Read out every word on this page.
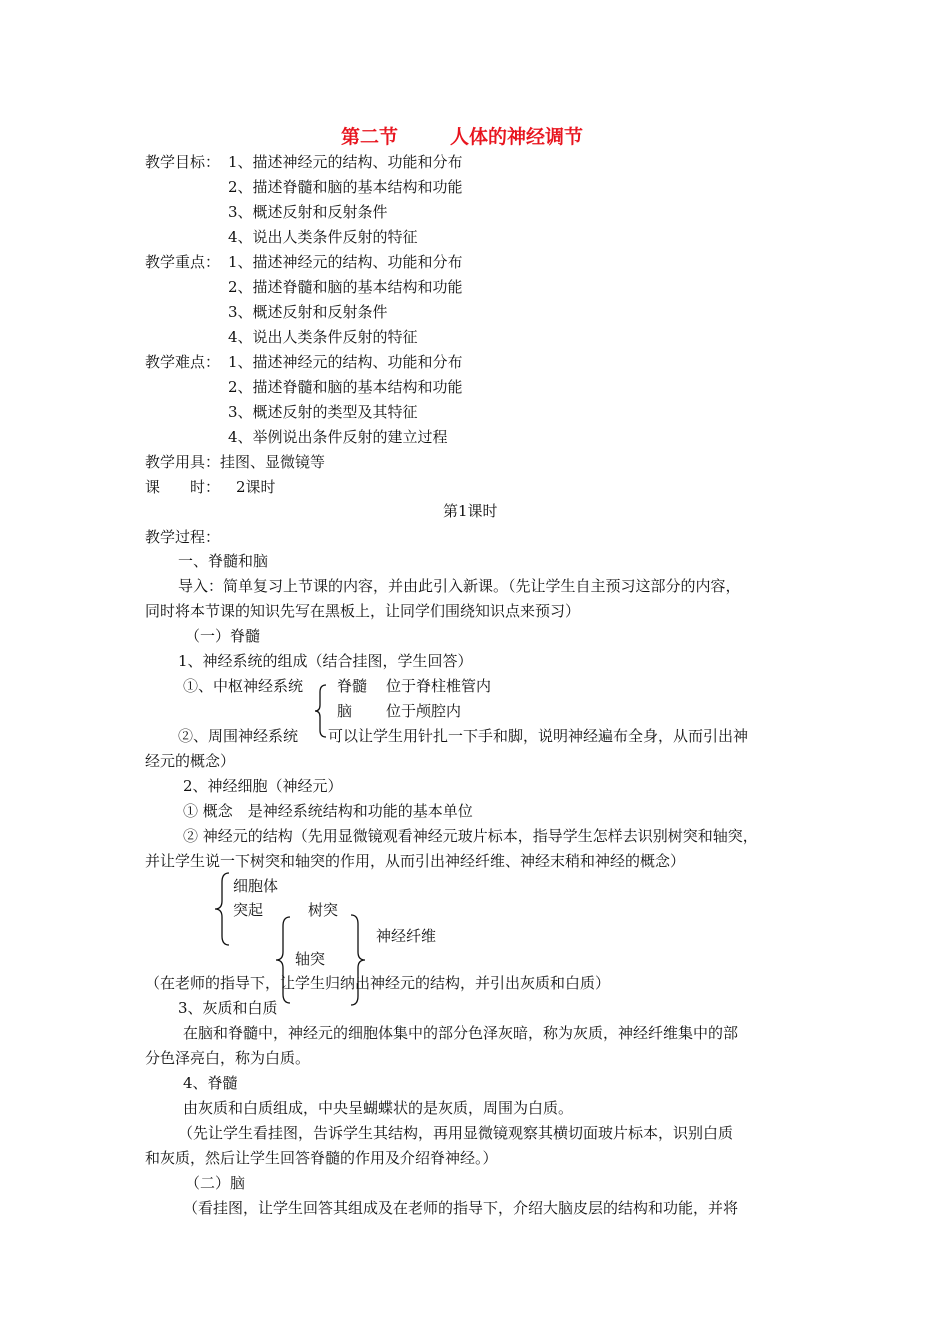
第二节	人体的神经调节
教学目标： 1、描述神经元的结构、功能和分布
2、描述脊髓和脑的基本结构和功能
3、概述反射和反射条件
4、说出人类条件反射的特征
教学重点： 1、描述神经元的结构、功能和分布
2、描述脊髓和脑的基本结构和功能
3、概述反射和反射条件
4、说出人类条件反射的特征
教学难点： 1、描述神经元的结构、功能和分布
2、描述脊髓和脑的基本结构和功能
3、概述反射的类型及其特征
4、举例说出条件反射的建立过程
教学用具：挂图、显微镜等
课　　时： 2课时
第1课时
教学过程：
一、脊髓和脑
导入：简单复习上节课的内容，并由此引入新课。（先让学生自主预习这部分的内容，
同时将本节课的知识先写在黑板上，让同学们围绕知识点来预习）
（一）脊髓
1、神经系统的组成（结合挂图，学生回答）
①、中枢神经系统 脊髓 位于脊柱椎管内
脑 位于颅腔内
②、周围神经系统 可以让学生用针扎一下手和脚，说明神经遍布全身，从而引出神
经元的概念）
2、神经细胞（神经元）
① 概念　是神经系统结构和功能的基本单位
② 神经元的结构（先用显微镜观看神经元玻片标本，指导学生怎样去识别树突和轴突，
并让学生说一下树突和轴突的作用，从而引出神经纤维、神经末稍和神经的概念）
细胞体
突起	树突
神经纤维
轴突
（在老师的指导下，让学生归纳出神经元的结构，并引出灰质和白质）
3、灰质和白质
在脑和脊髓中，神经元的细胞体集中的部分色泽灰暗，称为灰质，神经纤维集中的部
分色泽亮白，称为白质。
4、脊髓
由灰质和白质组成，中央呈蝴蝶状的是灰质，周围为白质。
（先让学生看挂图，告诉学生其结构，再用显微镜观察其横切面玻片标本，识别白质
和灰质，然后让学生回答脊髓的作用及介绍脊神经。）
（二）脑
（看挂图，让学生回答其组成及在老师的指导下，介绍大脑皮层的结构和功能，并将
